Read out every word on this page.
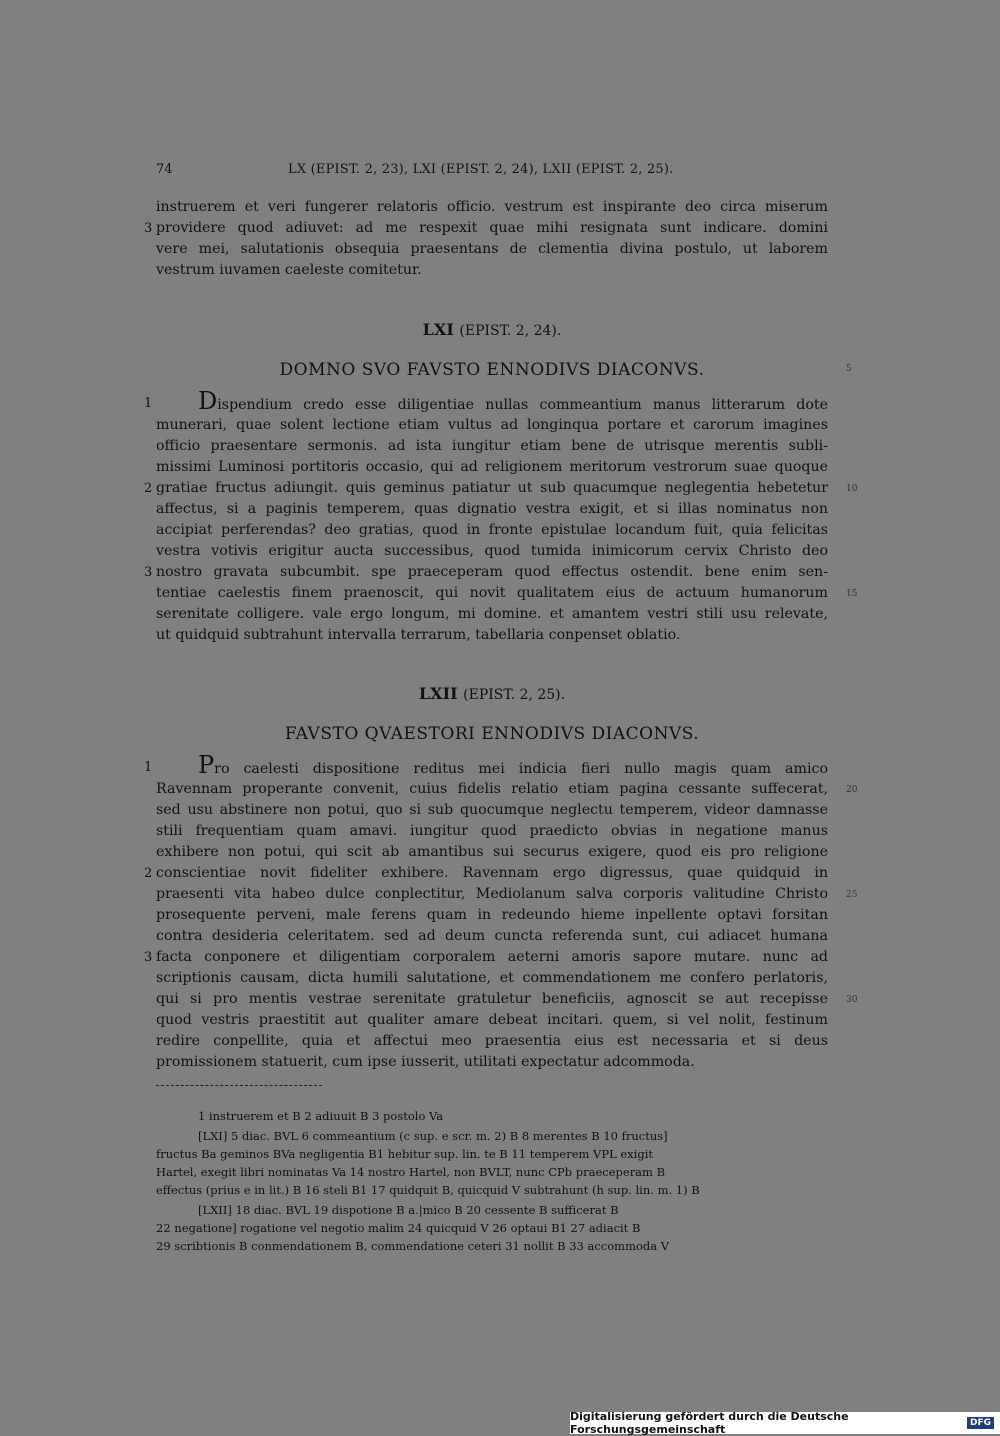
74	LX (EPIST. 2, 23), LXI (EPIST. 2, 24), LXII (EPIST. 2, 25).
instruerem et veri fungerer relatoris officio. vestrum est inspirante deo circa miserum
3 providere quod adiuvet: ad me respexit quae mihi resignata sunt indicare. domini
vere mei, salutationis obsequia praesentans de clementia divina postulo, ut laborem
vestrum iuvamen caeleste comitetur.
LXI (EPIST. 2, 24).
DOMNO SVO FAVSTO ENNODIVS DIACONVS.	5
1 Dispendium credo esse diligentiae nullas commeantium manus litterarum dote
munerari, quae solent lectione etiam vultus ad longinqua portare et carorum imagines
officio praesentare sermonis. ad ista iungitur etiam bene de utrisque merentis subli-
missimi Luminosi portitoris occasio, qui ad religionem meritorum vestrorum suae quoque
2 gratiae fructus adiungit. quis geminus patiatur ut sub quacumque neglegentia hebetetur 10
affectus, si a paginis temperem, quas dignatio vestra exigit, et si illas nominatus non
accipiat perferendas? deo gratias, quod in fronte epistulae locandum fuit, quia felicitas
vestra votivis erigitur aucta successibus, quod tumida inimicorum cervix Christo deo
3 nostro gravata subcumbit. spe praeceperam quod effectus ostendit. bene enim sen-
tentiae caelestis finem praenoscit, qui novit qualitatem eius de actuum humanorum 15
serenitate colligere. vale ergo longum, mi domine. et amantem vestri stili usu relevate,
ut quidquid subtrahunt intervalla terrarum, tabellaria conpenset oblatio.
LXII (EPIST. 2, 25).
FAVSTO QVAESTORI ENNODIVS DIACONVS.
1 Pro caelesti dispositione reditus mei indicia fieri nullo magis quam amico
Ravennam properante convenit, cuius fidelis relatio etiam pagina cessante suffecerat, 20
sed usu abstinere non potui, quo si sub quocumque neglectu temperem, videor damnasse
stili frequentiam quam amavi. iungitur quod praedicto obvias in negatione manus
exhibere non potui, qui scit ab amantibus sui securus exigere, quod eis pro religione
2 conscientiae novit fideliter exhibere. Ravennam ergo digressus, quae quidquid in
praesenti vita habeo dulce conplectitur, Mediolanum salva corporis valitudine Christo 25
prosequente perveni, male ferens quam in redeundo hieme inpellente optavi forsitan
contra desideria celeritatem. sed ad deum cuncta referenda sunt, cui adiacet humana
3 facta conponere et diligentiam corporalem aeterni amoris sapore mutare. nunc ad
scriptionis causam, dicta humili salutatione, et commendationem me confero perlatoris,
qui si pro mentis vestrae serenitate gratuletur beneficiis, agnoscit se aut recepisse 30
quod vestris praestitit aut qualiter amare debeat incitari. quem, si vel nolit, festinum
redire conpellite, quia et affectui meo praesentia eius est necessaria et si deus
promissionem statuerit, cum ipse iusserit, utilitati expectatur adcommoda.
1 instruerem et B 2 adiuuit B 3 postolo Va
[LXI] 5 diac. BVL 6 commeantium (c sup. e scr. m. 2) B 8 merentes B 10 fructus]
fructus Ba geminos BVa negligentia B1 hebitur sup. lin. te B 11 temperem VPL exigit
Hartel, exegit libri nominatas Va 14 nostro Hartel, non BVLT, nunc CPb praeceperam B
effectus (prius e in lit.) B 16 steli B1 17 quidquit B, quicquid V subtrahunt (h sup. lin. m. 1) B
[LXII] 18 diac. BVL 19 dispotione B a.|mico B 20 cessente B sufficerat B
22 negatione] rogatione vel negotio malim 24 quicquid V 26 optaui B1 27 adiacit B
29 scribtionis B conmendationem B, commendatione ceteri 31 nollit B 33 accommoda V
Digitalisierung gefördert durch die Deutsche Forschungsgemeinschaft	DFG
